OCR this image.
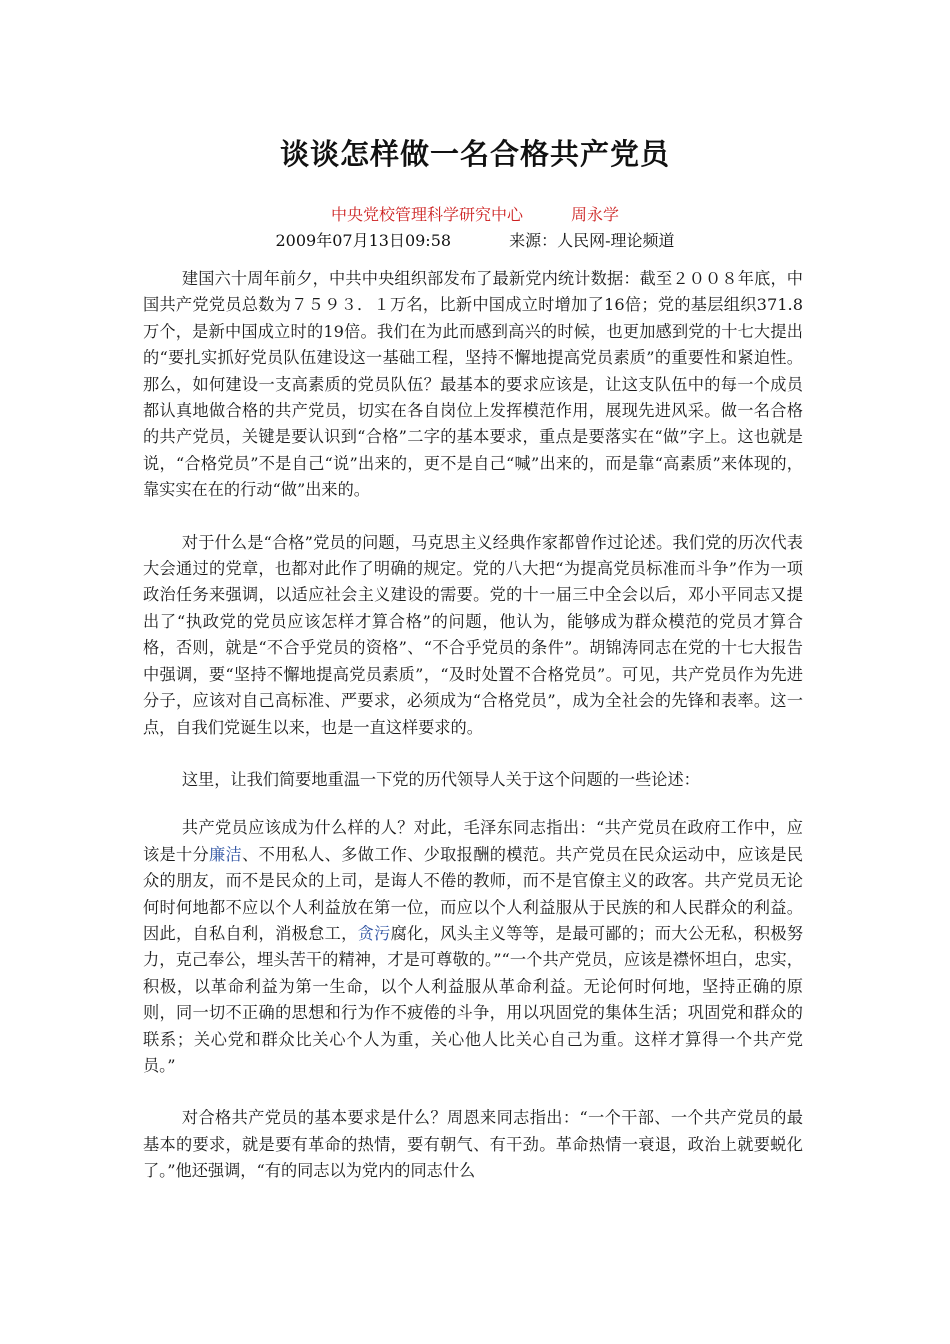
谈谈怎样做一名合格共产党员
中央党校管理科学研究中心	周永学
2009年07月13日09:58	来源：人民网-理论频道

建国六十周年前夕，中共中央组织部发布了最新党内统计数据：截至２００８年底，中国共产党党员总数为７５９３．１万名，比新中国成立时增加了16倍；党的基层组织371.8万个，是新中国成立时的19倍。我们在为此而感到高兴的时候，也更加感到党的十七大提出的“要扎实抓好党员队伍建设这一基础工程，坚持不懈地提高党员素质”的重要性和紧迫性。那么，如何建设一支高素质的党员队伍？最基本的要求应该是，让这支队伍中的每一个成员都认真地做合格的共产党员，切实在各自岗位上发挥模范作用，展现先进风采。做一名合格的共产党员，关键是要认识到“合格”二字的基本要求，重点是要落实在“做”字上。这也就是说，“合格党员”不是自己“说”出来的，更不是自己“喊”出来的，而是靠“高素质”来体现的，靠实实在在的行动“做”出来的。

对于什么是“合格”党员的问题，马克思主义经典作家都曾作过论述。我们党的历次代表大会通过的党章，也都对此作了明确的规定。党的八大把“为提高党员标准而斗争”作为一项政治任务来强调，以适应社会主义建设的需要。党的十一届三中全会以后，邓小平同志又提出了“执政党的党员应该怎样才算合格”的问题，他认为，能够成为群众模范的党员才算合格，否则，就是“不合乎党员的资格”、“不合乎党员的条件”。胡锦涛同志在党的十七大报告中强调，要“坚持不懈地提高党员素质”，“及时处置不合格党员”。可见，共产党员作为先进分子，应该对自己高标准、严要求，必须成为“合格党员”，成为全社会的先锋和表率。这一点，自我们党诞生以来，也是一直这样要求的。

这里，让我们简要地重温一下党的历代领导人关于这个问题的一些论述：

共产党员应该成为什么样的人？对此，毛泽东同志指出：“共产党员在政府工作中，应该是十分廉洁、不用私人、多做工作、少取报酬的模范。共产党员在民众运动中，应该是民众的朋友，而不是民众的上司，是诲人不倦的教师，而不是官僚主义的政客。共产党员无论何时何地都不应以个人利益放在第一位，而应以个人利益服从于民族的和人民群众的利益。因此，自私自利，消极怠工，贪污腐化，风头主义等等，是最可鄙的；而大公无私，积极努力，克己奉公，埋头苦干的精神，才是可尊敬的。”“一个共产党员，应该是襟怀坦白，忠实，积极，以革命利益为第一生命，以个人利益服从革命利益。无论何时何地，坚持正确的原则，同一切不正确的思想和行为作不疲倦的斗争，用以巩固党的集体生活；巩固党和群众的联系；关心党和群众比关心个人为重，关心他人比关心自己为重。这样才算得一个共产党员。”

对合格共产党员的基本要求是什么？周恩来同志指出：“一个干部、一个共产党员的最基本的要求，就是要有革命的热情，要有朝气、有干劲。革命热情一衰退，政治上就要蜕化了。”他还强调，“有的同志以为党内的同志什么
